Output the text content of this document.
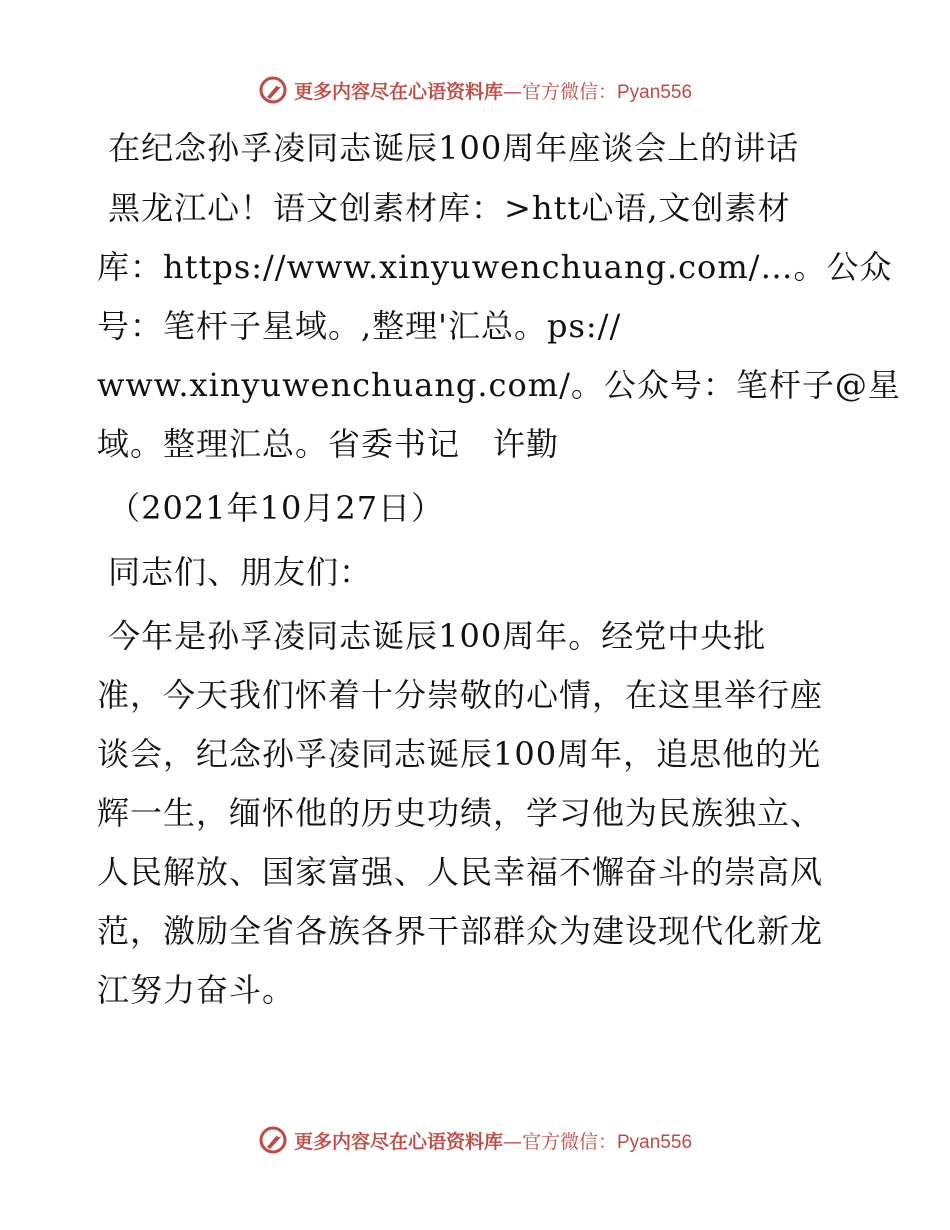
更多内容尽在心语资料库—官方微信：Pyan556
在纪念孙孚凌同志诞辰100周年座谈会上的讲话
黑龙江心！语文创素材库：>htt心语,文创素材
库：https://www.xinyuwenchuang.com/…。公众
号：笔杆子星域。,整理'汇总。ps://
www.xinyuwenchuang.com/。公众号：笔杆子@星
域。整理汇总。省委书记　许勤
（2021年10月27日）
同志们、朋友们：
今年是孙孚凌同志诞辰100周年。经党中央批
准，今天我们怀着十分崇敬的心情，在这里举行座
谈会，纪念孙孚凌同志诞辰100周年，追思他的光
辉一生，缅怀他的历史功绩，学习他为民族独立、
人民解放、国家富强、人民幸福不懈奋斗的崇高风
范，激励全省各族各界干部群众为建设现代化新龙
江努力奋斗。
更多内容尽在心语资料库—官方微信：Pyan556
